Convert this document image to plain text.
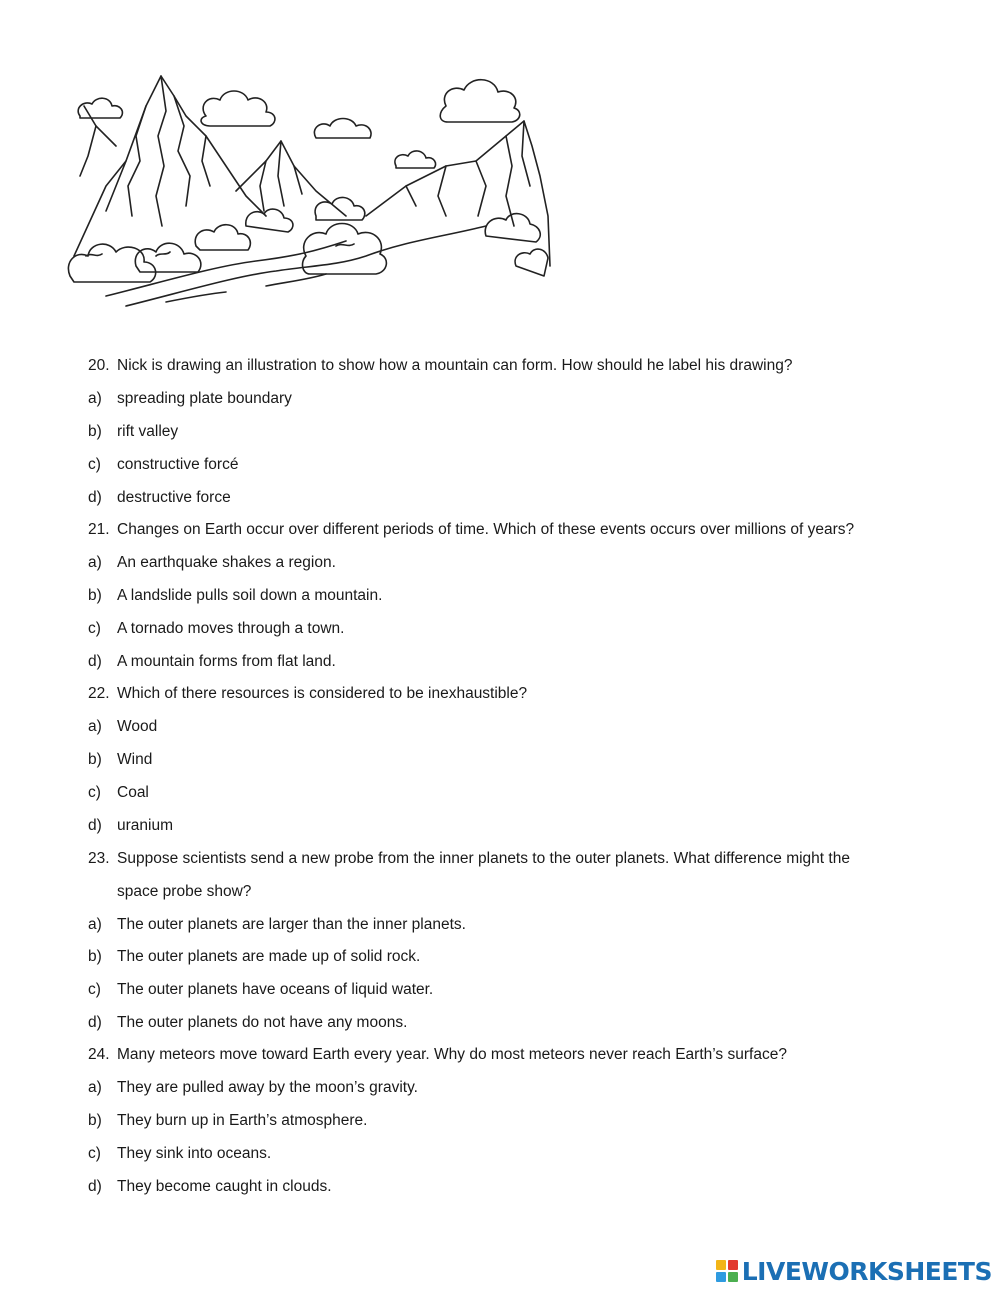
20. Nick is drawing an illustration to show how a mountain can form. How should he label his drawing?
a) spreading plate boundary
b) rift valley
c) constructive forcé
d) destructive force
21. Changes on Earth occur over different periods of time. Which of these events occurs over millions of years?
a) An earthquake shakes a region.
b) A landslide pulls soil down a mountain.
c) A tornado moves through a town.
d) A mountain forms from flat land.
22. Which of there resources is considered to be inexhaustible?
a) Wood
b) Wind
c) Coal
d) uranium
23. Suppose scientists send a new probe from the inner planets to the outer planets. What difference might the
space probe show?
a) The outer planets are larger than the inner planets.
b) The outer planets are made up of solid rock.
c) The outer planets have oceans of liquid water.
d) The outer planets do not have any moons.
24. Many meteors move toward Earth every year. Why do most meteors never reach Earth’s surface?
a) They are pulled away by the moon’s gravity.
b) They burn up in Earth’s atmosphere.
c) They sink into oceans.
d) They become caught in clouds.
LIVEWORKSHEETS
